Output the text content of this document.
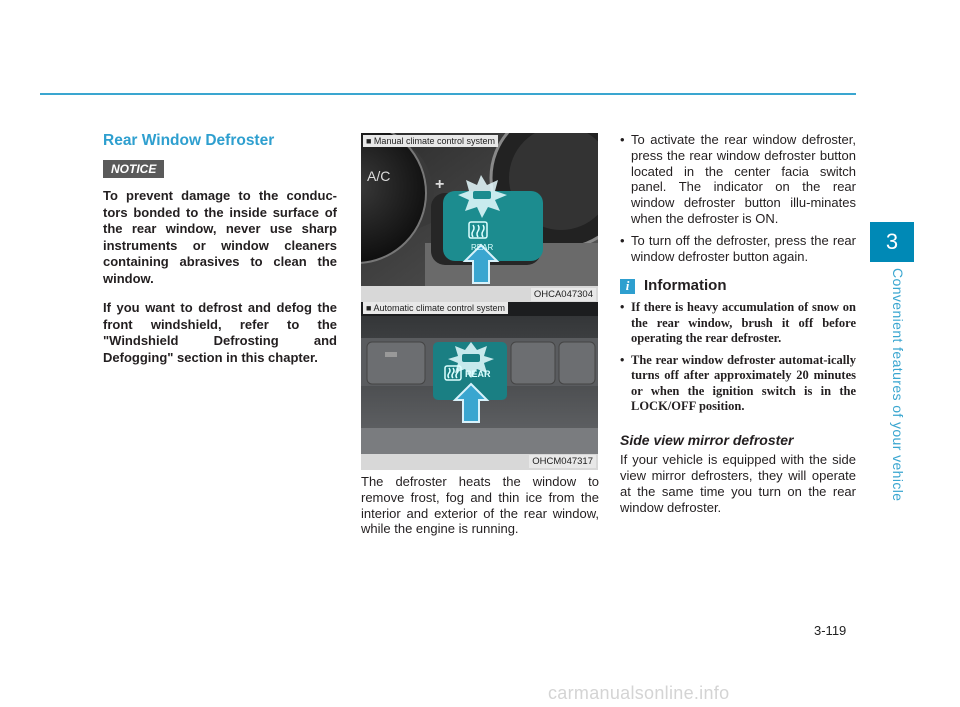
3
Convenient features of your vehicle
Rear Window Defroster
NOTICE

To prevent damage to the conduc-tors bonded to the inside surface of the rear window, never use sharp instruments or window cleaners containing abrasives to clean the window.

If you want to defrost and defog the front windshield, refer to the "Windshield Defrosting and Defogging" section in this chapter.

A/C	+
REAR
■ Manual climate control system
OHCA047304
REAR
■ Automatic climate control system
OHCM047317

The defroster heats the window to remove frost, fog and thin ice from the interior and exterior of the rear window, while the engine is running.

• To activate the rear window defroster, press the rear window defroster button located in the center facia switch panel. The indicator on the rear window defroster button illu-minates when the defroster is ON.
• To turn off the defroster, press the rear window defroster button again.
i Information
• If there is heavy accumulation of snow on the rear window, brush it off before operating the rear defroster.
• The rear window defroster automat-ically turns off after approximately 20 minutes or when the ignition switch is in the LOCK/OFF position.
Side view mirror defroster
If your vehicle is equipped with the side view mirror defrosters, they will operate at the same time you turn on the rear window defroster.
3-119
carmanualsonline.info
